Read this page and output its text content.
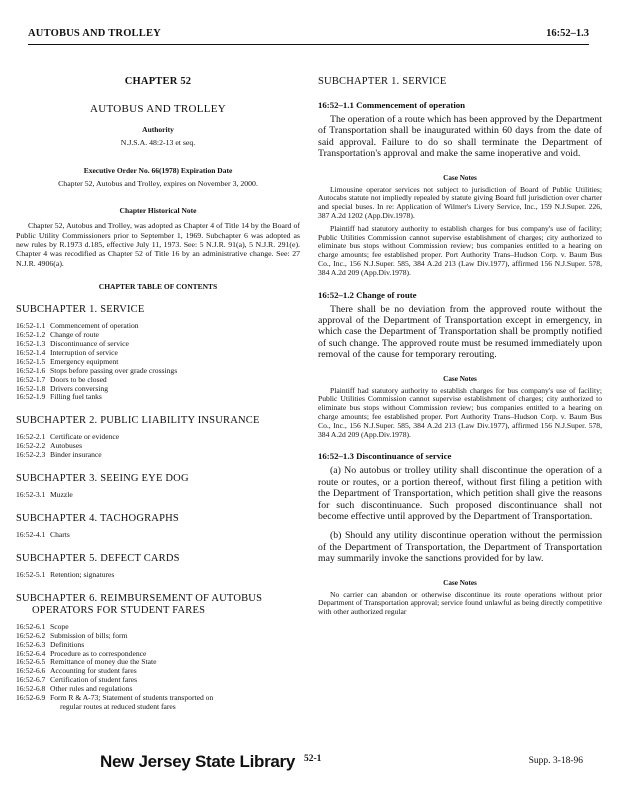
AUTOBUS AND TROLLEY	16:52–1.3
CHAPTER 52
AUTOBUS AND TROLLEY
Authority
N.J.S.A. 48:2-13 et seq.
Executive Order No. 66(1978) Expiration Date
Chapter 52, Autobus and Trolley, expires on November 3, 2000.
Chapter Historical Note

Chapter 52, Autobus and Trolley, was adopted as Chapter 4 of Title 14 by the Board of Public Utility Commissioners prior to September 1, 1969. Subchapter 6 was adopted as new rules by R.1973 d.185, effective July 11, 1973. See: 5 N.J.R. 91(a), 5 N.J.R. 291(e). Chapter 4 was recodified as Chapter 52 of Title 16 by an administrative change. See: 27 N.J.R. 4906(a).

CHAPTER TABLE OF CONTENTS
SUBCHAPTER 1. SERVICE
16:52-1.1 Commencement of operation
16:52-1.2 Change of route
16:52-1.3 Discontinuance of service
16:52-1.4 Interruption of service
16:52-1.5 Emergency equipment
16:52-1.6 Stops before passing over grade crossings
16:52-1.7 Doors to be closed
16:52-1.8 Drivers conversing
16:52-1.9 Filling fuel tanks
SUBCHAPTER 2. PUBLIC LIABILITY INSURANCE
16:52-2.1 Certificate or evidence
16:52-2.2 Autobuses
16:52-2.3 Binder insurance
SUBCHAPTER 3. SEEING EYE DOG
16:52-3.1 Muzzle
SUBCHAPTER 4. TACHOGRAPHS
16:52-4.1 Charts
SUBCHAPTER 5. DEFECT CARDS
16:52-5.1 Retention; signatures
SUBCHAPTER 6. REIMBURSEMENT OF AUTOBUS
OPERATORS FOR STUDENT FARES
16:52-6.1 Scope
16:52-6.2 Submission of bills; form
16:52-6.3 Definitions
16:52-6.4 Procedure as to correspondence
16:52-6.5 Remittance of money due the State
16:52-6.6 Accounting for student fares
16:52-6.7 Certification of student fares
16:52-6.8 Other rules and regulations
16:52-6.9 Form R & A-73; Statement of students transported on
regular routes at reduced student fares
SUBCHAPTER 1. SERVICE
16:52–1.1 Commencement of operation

The operation of a route which has been approved by the Department of Transportation shall be inaugurated within 60 days from the date of said approval. Failure to do so shall terminate the Department of Transportation's approval and make the same inoperative and void.

Case Notes

Limousine operator services not subject to jurisdiction of Board of Public Utilities; Autocabs statute not impliedly repealed by statute giving Board full jurisdiction over charter and special buses. In re: Application of Wilmer's Livery Service, Inc., 159 N.J.Super. 226, 387 A.2d 1202 (App.Div.1978).

Plaintiff had statutory authority to establish charges for bus company's use of facility; Public Utilities Commission cannot supervise establishment of charges; city authorized to eliminate bus stops without Commission review; bus companies entitled to a hearing on charge amounts; fee established proper. Port Authority Trans–Hudson Corp. v. Baum Bus Co., Inc., 156 N.J.Super. 585, 384 A.2d 213 (Law Div.1977), affirmed 156 N.J.Super. 578, 384 A.2d 209 (App.Div.1978).

16:52–1.2 Change of route

There shall be no deviation from the approved route without the approval of the Department of Transportation except in emergency, in which case the Department of Transportation shall be promptly notified of such change. The approved route must be resumed immediately upon removal of the cause for temporary rerouting.

Case Notes

Plaintiff had statutory authority to establish charges for bus company's use of facility; Public Utilities Commission cannot supervise establishment of charges; city authorized to eliminate bus stops without Commission review; bus companies entitled to a hearing on charge amounts; fee established proper. Port Authority Trans–Hudson Corp. v. Baum Bus Co., Inc., 156 N.J.Super. 585, 384 A.2d 213 (Law Div.1977), affirmed 156 N.J.Super. 578, 384 A.2d 209 (App.Div.1978).

16:52–1.3 Discontinuance of service

(a) No autobus or trolley utility shall discontinue the operation of a route or routes, or a portion thereof, without first filing a petition with the Department of Transportation, which petition shall give the reasons for such discontinuance. Such proposed discontinuance shall not become effective until approved by the Department of Transportation.

(b) Should any utility discontinue operation without the permission of the Department of Transportation, the Department of Transportation may summarily invoke the sanctions provided for by law.

Case Notes

No carrier can abandon or otherwise discontinue its route operations without prior Department of Transportation approval; service found unlawful as being directly competitive with other authorized regular

New Jersey State Library 52-1	Supp. 3-18-96
